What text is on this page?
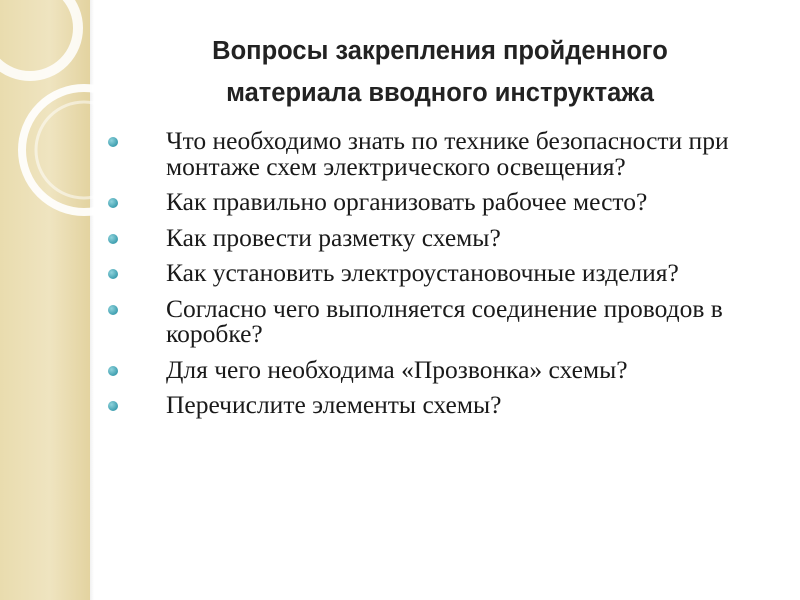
Вопросы закрепления пройденного
материала вводного инструктажа
Что необходимо знать по технике безопасности при монтаже схем электрического освещения?
Как правильно организовать рабочее место?
Как провести разметку схемы?
Как установить электроустановочные изделия?
Согласно чего выполняется соединение проводов в коробке?
Для чего необходима «Прозвонка» схемы?
Перечислите элементы схемы?
